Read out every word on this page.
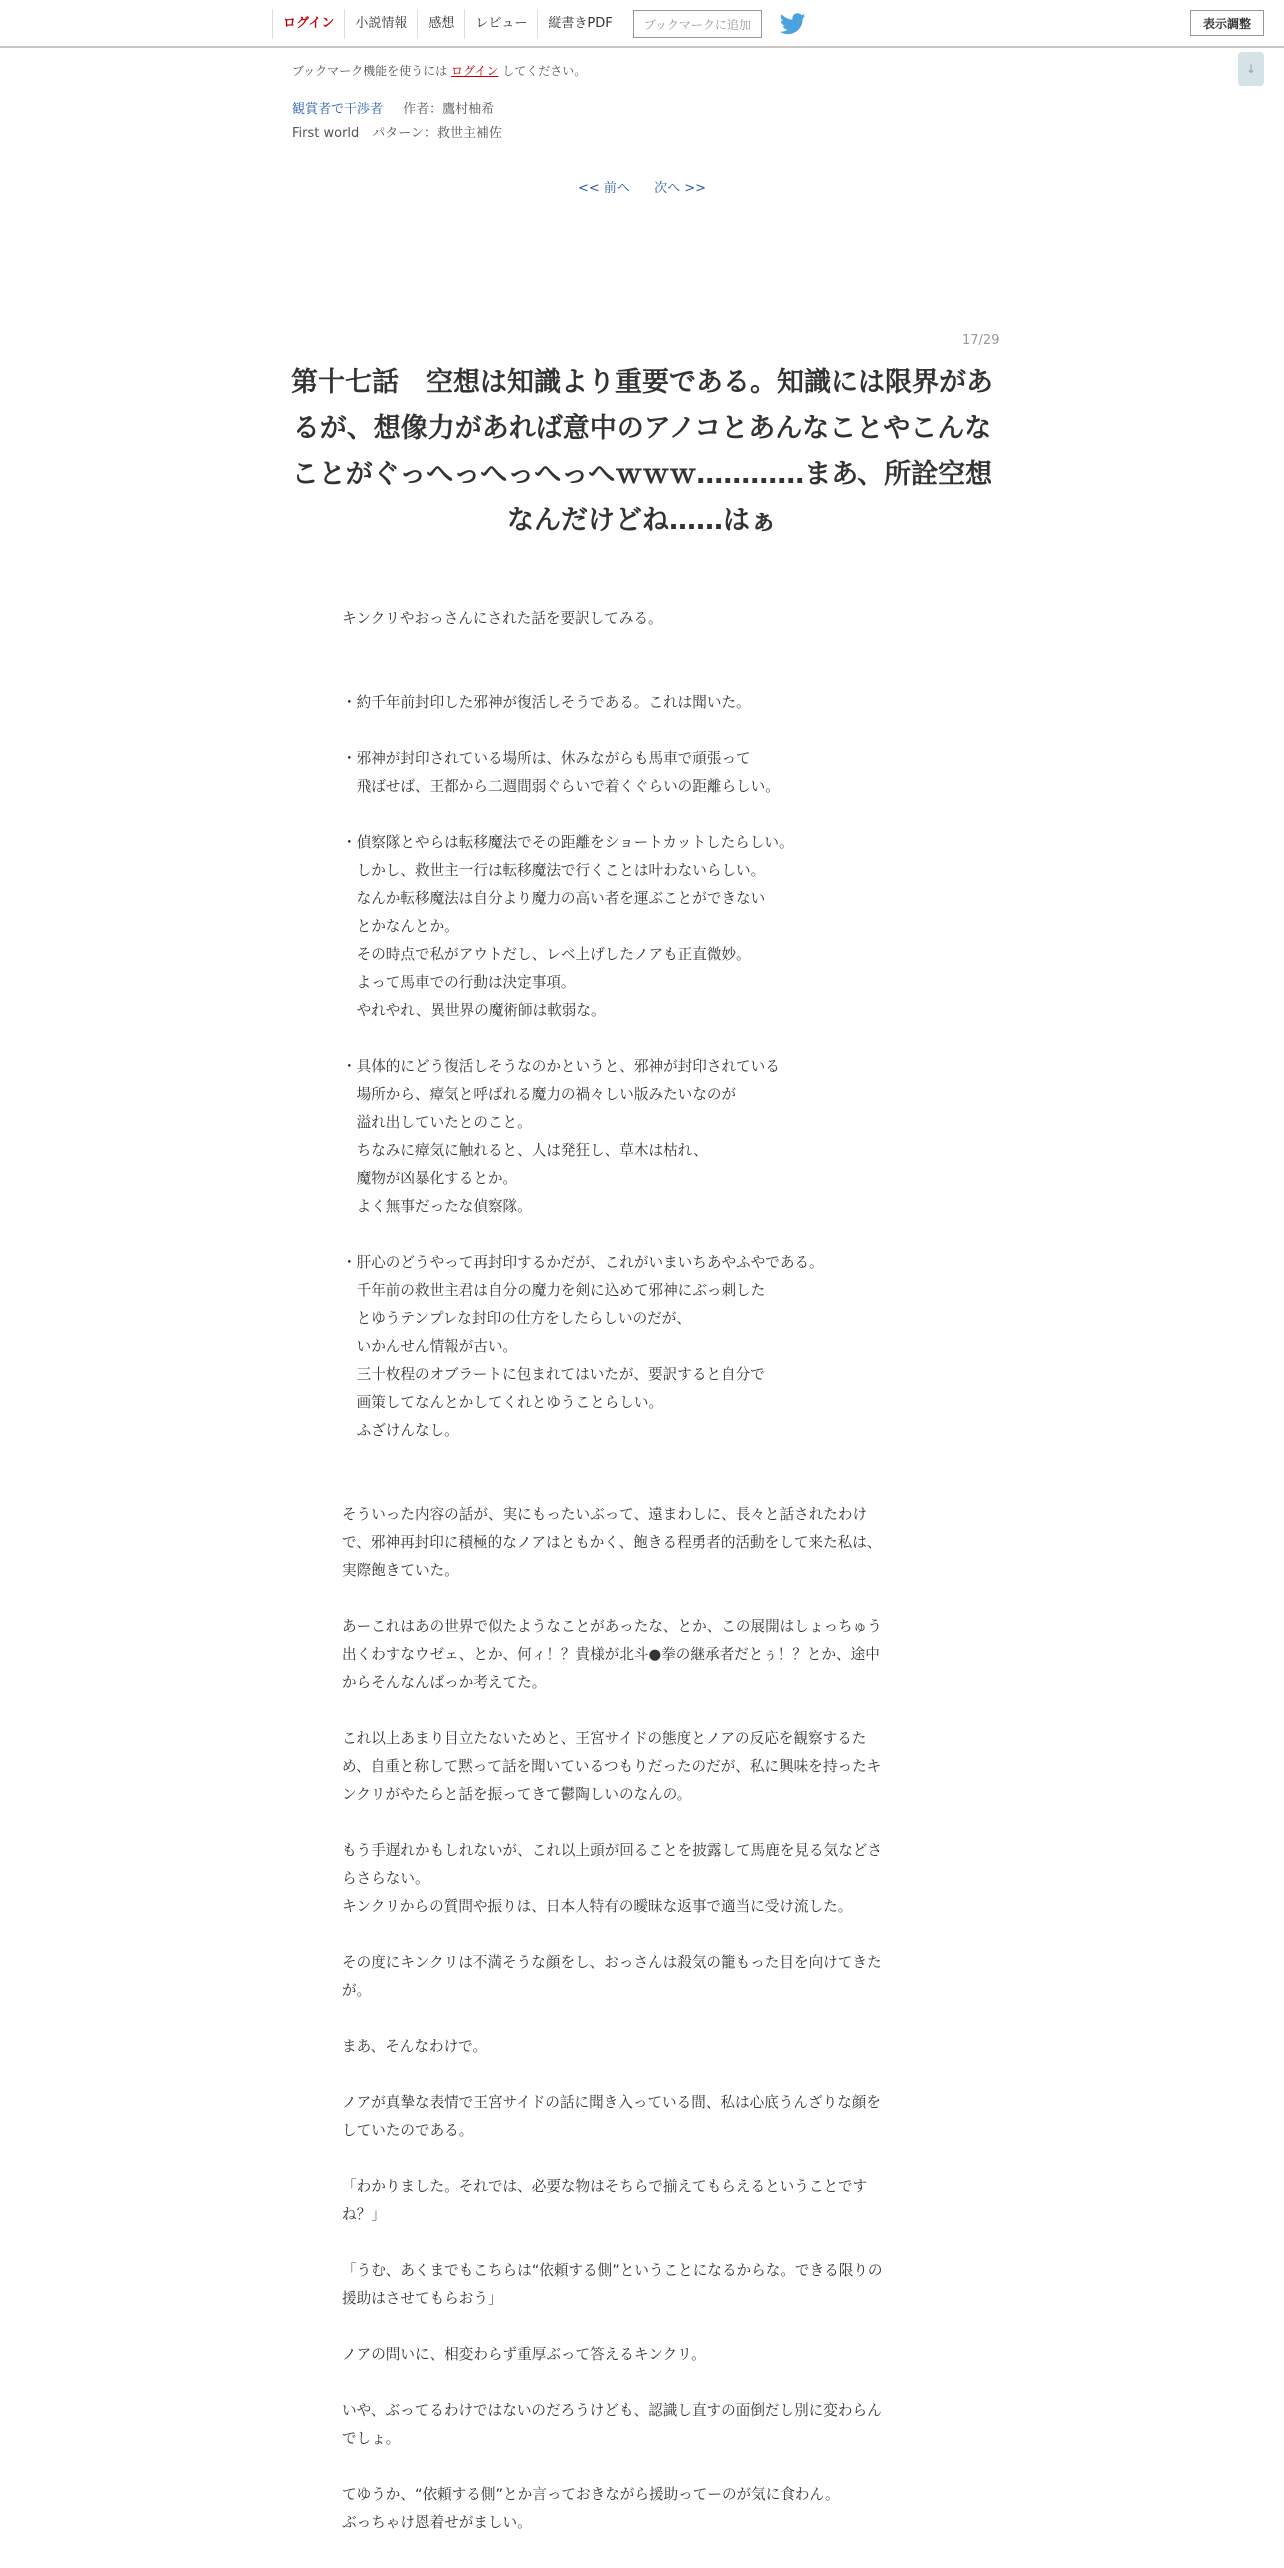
ログイン	小説情報	感想	レビュー	縦書きPDF	ブックマークに追加	表示調整
↓
ブックマーク機能を使うには ログイン してください。
観賞者で干渉者 作者：鷹村柚希
First world　パターン：救世主補佐
<< 前へ 次へ >>
17/29
第十七話　空想は知識より重要である。知識には限界があるが、想像力があれば意中のアノコとあんなことやこんなことがぐっへっへっへっへｗｗｗ…………まあ、所詮空想なんだけどね……はぁ
キンクリやおっさんにされた話を要訳してみる。
・約千年前封印した邪神が復活しそうである。これは聞いた。
・邪神が封印されている場所は、休みながらも馬車で頑張って
　飛ばせば、王都から二週間弱ぐらいで着くぐらいの距離らしい。
・偵察隊とやらは転移魔法でその距離をショートカットしたらしい。
　しかし、救世主一行は転移魔法で行くことは叶わないらしい。
　なんか転移魔法は自分より魔力の高い者を運ぶことができない
　とかなんとか。
　その時点で私がアウトだし、レベ上げしたノアも正直微妙。
　よって馬車での行動は決定事項。
　やれやれ、異世界の魔術師は軟弱な。
・具体的にどう復活しそうなのかというと、邪神が封印されている
　場所から、瘴気と呼ばれる魔力の禍々しい版みたいなのが
　溢れ出していたとのこと。
　ちなみに瘴気に触れると、人は発狂し、草木は枯れ、
　魔物が凶暴化するとか。
　よく無事だったな偵察隊。
・肝心のどうやって再封印するかだが、これがいまいちあやふやである。
　千年前の救世主君は自分の魔力を剣に込めて邪神にぶっ刺した
　とゆうテンプレな封印の仕方をしたらしいのだが、
　いかんせん情報が古い。
　三十枚程のオブラートに包まれてはいたが、要訳すると自分で
　画策してなんとかしてくれとゆうことらしい。
　ふざけんなし。
そういった内容の話が、実にもったいぶって、遠まわしに、長々と話されたわけ
で、邪神再封印に積極的なノアはともかく、飽きる程勇者的活動をして来た私は、
実際飽きていた。
あーこれはあの世界で似たようなことがあったな、とか、この展開はしょっちゅう
出くわすなウゼェ、とか、何ィ！？貴様が北斗●拳の継承者だとぅ！？とか、途中
からそんなんばっか考えてた。
これ以上あまり目立たないためと、王宮サイドの態度とノアの反応を観察するた
め、自重と称して黙って話を聞いているつもりだったのだが、私に興味を持ったキ
ンクリがやたらと話を振ってきて鬱陶しいのなんの。
もう手遅れかもしれないが、これ以上頭が回ることを披露して馬鹿を見る気などさ
らさらない。
キンクリからの質問や振りは、日本人特有の曖昧な返事で適当に受け流した。
その度にキンクリは不満そうな顔をし、おっさんは殺気の籠もった目を向けてきた
が。
まあ、そんなわけで。
ノアが真摯な表情で王宮サイドの話に聞き入っている間、私は心底うんざりな顔を
していたのである。
「わかりました。それでは、必要な物はそちらで揃えてもらえるということです
ね？」
「うむ、あくまでもこちらは“依頼する側”ということになるからな。できる限りの
援助はさせてもらおう」
ノアの問いに、相変わらず重厚ぶって答えるキンクリ。
いや、ぶってるわけではないのだろうけども、認識し直すの面倒だし別に変わらん
でしょ。
てゆうか、“依頼する側”とか言っておきながら援助ってーのが気に食わん。
ぶっちゃけ恩着せがましい。
